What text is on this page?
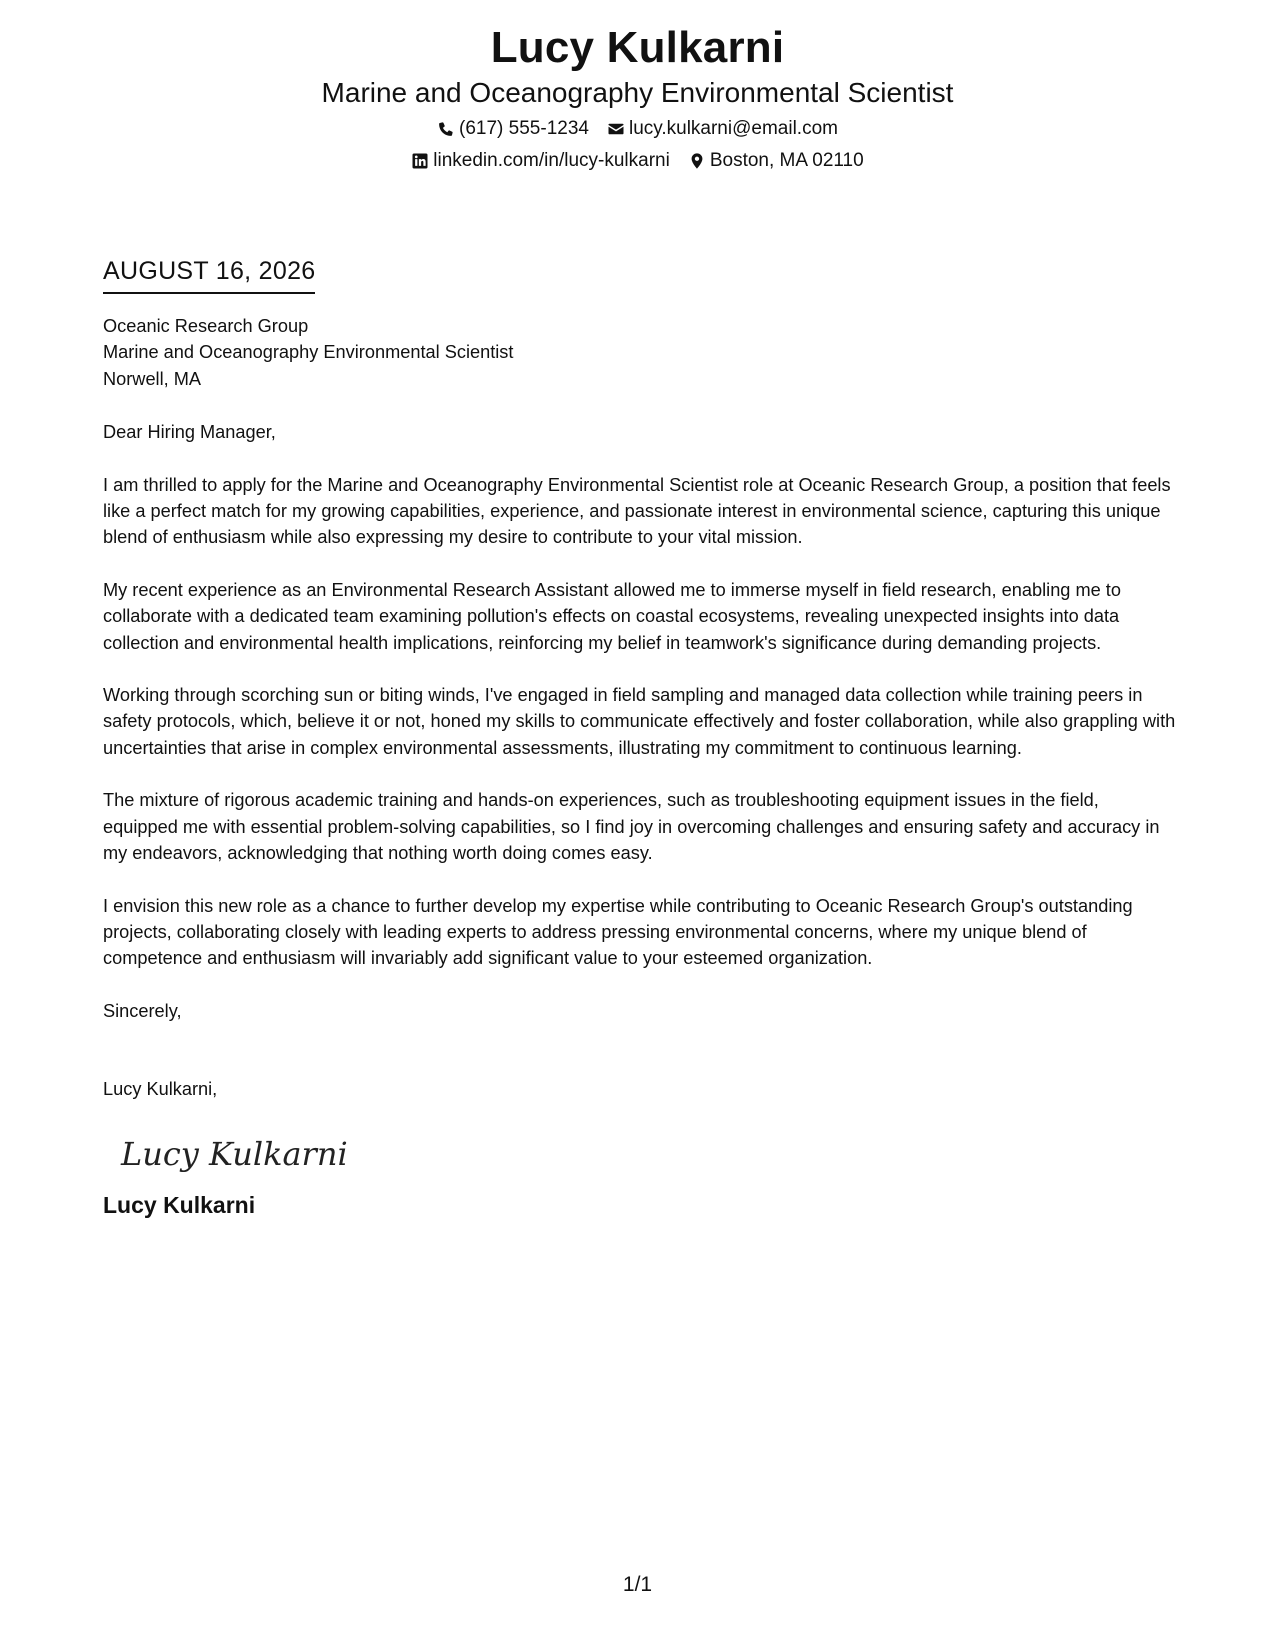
Lucy Kulkarni
Marine and Oceanography Environmental Scientist
(617) 555-1234 lucy.kulkarni@email.com
linkedin.com/in/lucy-kulkarni Boston, MA 02110
AUGUST 16, 2026
Oceanic Research Group
Marine and Oceanography Environmental Scientist
Norwell, MA
Dear Hiring Manager,
I am thrilled to apply for the Marine and Oceanography Environmental Scientist role at Oceanic Research Group, a position that feels like a perfect match for my growing capabilities, experience, and passionate interest in environmental science, capturing this unique blend of enthusiasm while also expressing my desire to contribute to your vital mission.
My recent experience as an Environmental Research Assistant allowed me to immerse myself in field research, enabling me to collaborate with a dedicated team examining pollution's effects on coastal ecosystems, revealing unexpected insights into data collection and environmental health implications, reinforcing my belief in teamwork's significance during demanding projects.
Working through scorching sun or biting winds, I've engaged in field sampling and managed data collection while training peers in safety protocols, which, believe it or not, honed my skills to communicate effectively and foster collaboration, while also grappling with uncertainties that arise in complex environmental assessments, illustrating my commitment to continuous learning.
The mixture of rigorous academic training and hands-on experiences, such as troubleshooting equipment issues in the field, equipped me with essential problem-solving capabilities, so I find joy in overcoming challenges and ensuring safety and accuracy in my endeavors, acknowledging that nothing worth doing comes easy.
I envision this new role as a chance to further develop my expertise while contributing to Oceanic Research Group's outstanding projects, collaborating closely with leading experts to address pressing environmental concerns, where my unique blend of competence and enthusiasm will invariably add significant value to your esteemed organization.
Sincerely,
Lucy Kulkarni,
Lucy Kulkarni
Lucy Kulkarni
1/1
